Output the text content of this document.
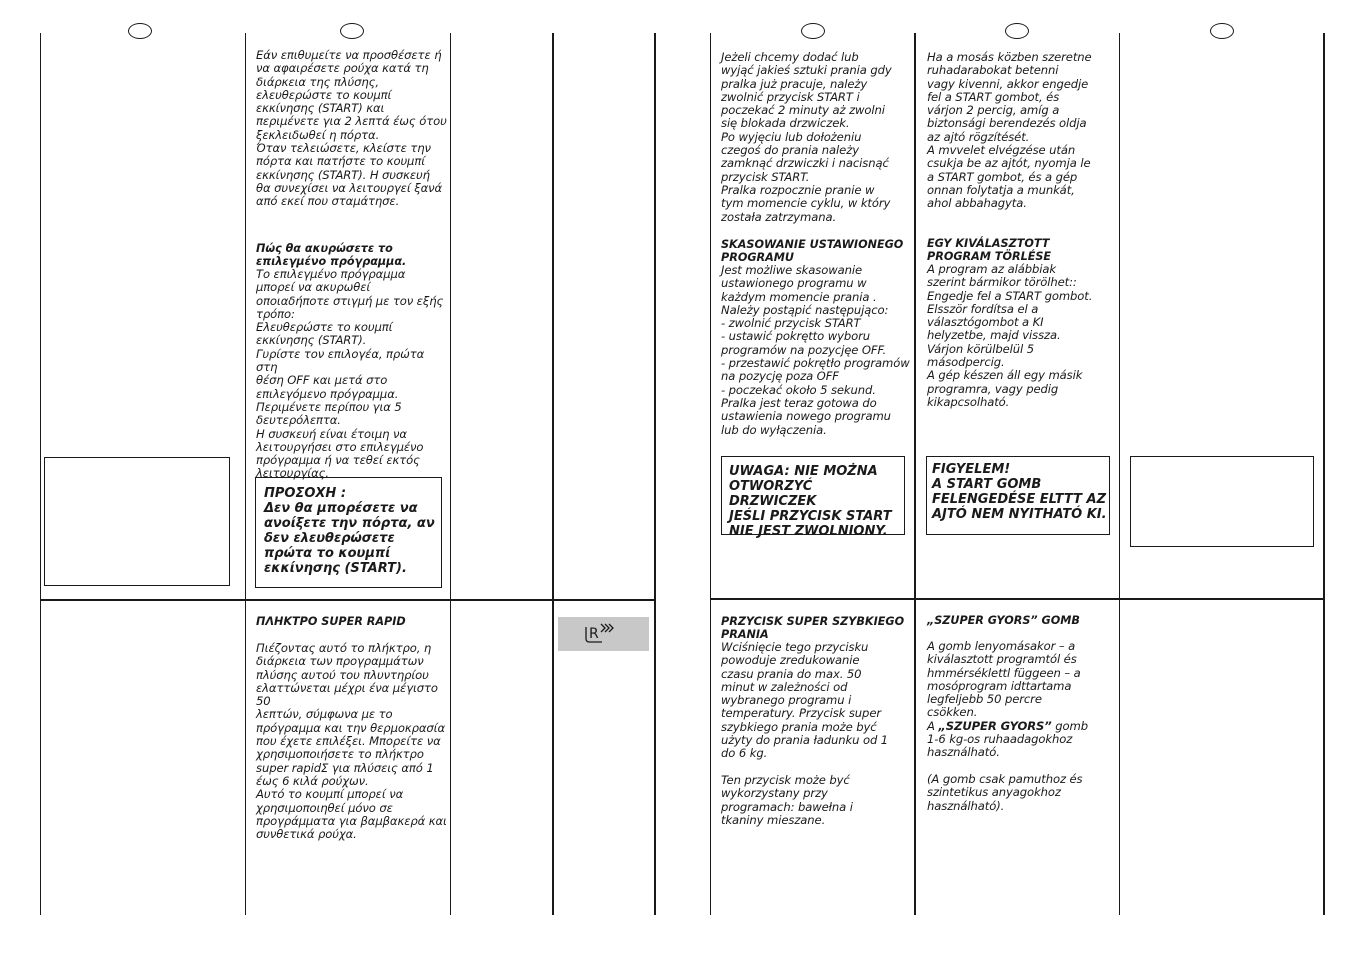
Εάν επιθυμείτε να προσθέσετε ή
να αφαιρέσετε ρούχα κατά τη
διάρκεια της πλύσης,
ελευθερώστε το κουμπί
εκκίνησης (START) και
περιμένετε για 2 λεπτά έως ότου
ξεκλειδωθεί η πόρτα.
Όταν τελειώσετε, κλείστε την
πόρτα και πατήστε το κουμπί
εκκίνησης (START). Η συσκευή
θα συνεχίσει να λειτουργεί ξανά
από εκεί που σταμάτησε.
Πώς θα ακυρώσετε το
επιλεγμένο πρόγραμμα.
Το επιλεγμένο πρόγραμμα
μπορεί να ακυρωθεί
οποιαδήποτε στιγμή με τον εξής
τρόπο:
Ελευθερώστε το κουμπί
εκκίνησης (START).
Γυρίστε τον επιλογέα, πρώτα στη
θέση OFF και μετά στο
επιλεγόμενο πρόγραμμα.
Περιμένετε περίπου για 5
δευτερόλεπτα.
Η συσκευή είναι έτοιμη να
λειτουργήσει στο επιλεγμένο
πρόγραμμα ή να τεθεί εκτός
λειτουργίας.
ΠΡΟΣΟΧΗ :
Δεν θα μπορέσετε να
ανοίξετε την πόρτα, αν
δεν ελευθερώσετε
πρώτα το κουμπί
εκκίνησης (START).
ΠΛΗΚΤΡΟ SUPER RAPID
Πιέζοντας αυτό το πλήκτρο, η
διάρκεια των προγραμμάτων
πλύσης αυτού του πλυντηρίου
ελαττώνεται μέχρι ένα μέγιστο 50
λεπτών, σύμφωνα με το
πρόγραμμα και την θερμοκρασία
που έχετε επιλέξει. Μπορείτε να
χρησιμοποιήσετε το πλήκτρο
super rapidΣ για πλύσεις από 1
έως 6 κιλά ρούχων.
Αυτό το κουμπί μπορεί να
χρησιμοποιηθεί μόνο σε
προγράμματα για βαμβακερά και
συνθετικά ρούχα.
R
Jeżeli chcemy dodać lub
wyjąć jakieś sztuki prania gdy
pralka już pracuje, należy
zwolnić przycisk START i
poczekać 2 minuty aż zwolni
się blokada drzwiczek.
Po wyjęciu lub dołożeniu
czegoś do prania należy
zamknąć drzwiczki i nacisnąć
przycisk START.
Pralka rozpocznie pranie w
tym momencie cyklu, w który
została zatrzymana.
SKASOWANIE USTAWIONEGO
PROGRAMU
Jest możliwe skasowanie
ustawionego programu w
każdym momencie prania .
Należy postąpić następująco:
- zwolnić przycisk START
- ustawić pokrętto wyboru
programów na pozycjęe OFF.
- przestawić pokrętło programów
na pozycję poza OFF
- poczekać około 5 sekund.
Pralka jest teraz gotowa do
ustawienia nowego programu
lub do wyłączenia.
UWAGA: NIE MOŻNA
OTWORZYĆ DRZWICZEK
JEŚLI PRZYCISK START
NIE JEST ZWOLNIONY.
PRZYCISK SUPER SZYBKIEGO
PRANIA
Wciśnięcie tego przycisku
powoduje zredukowanie
czasu prania do max. 50
minut w zależności od
wybranego programu i
temperatury. Przycisk super
szybkiego prania może być
użyty do prania ładunku od 1
do 6 kg.

Ten przycisk może być
wykorzystany przy
programach: bawełna i
tkaniny mieszane.
Ha a mosás közben szeretne
ruhadarabokat betenni
vagy kivenni, akkor engedje
fel a START gombot, és
várjon 2 percig, amíg a
biztonsági berendezés oldja
az ajtó rögzítését.
A mvvelet elvégzése után
csukja be az ajtót, nyomja le
a START gombot, és a gép
onnan folytatja a munkát,
ahol abbahagyta.
EGY KIVÁLASZTOTT
PROGRAM TÖRLÉSE
A program az alábbiak
szerint bármikor törölhet::
Engedje fel a START gombot.
Elsször fordítsa el a
választógombot a KI
helyzetbe, majd vissza.
Várjon körülbelül 5
másodpercig.
A gép készen áll egy másik
programra, vagy pedig
kikapcsolható.
FIGYELEM!
A START GOMB
FELENGEDÉSE ELTTT AZ
AJTÓ NEM NYITHATÓ KI.
„SZUPER GYORS” GOMB
A gomb lenyomásakor – a
kiválasztott programtól és
hmmérséklettl függeen – a
mosóprogram idttartama
legfeljebb 50 percre
csökken.
A „SZUPER GYORS” gomb
1-6 kg-os ruhaadagokhoz
használható.

(A gomb csak pamuthoz és
szintetikus anyagokhoz
használható).
